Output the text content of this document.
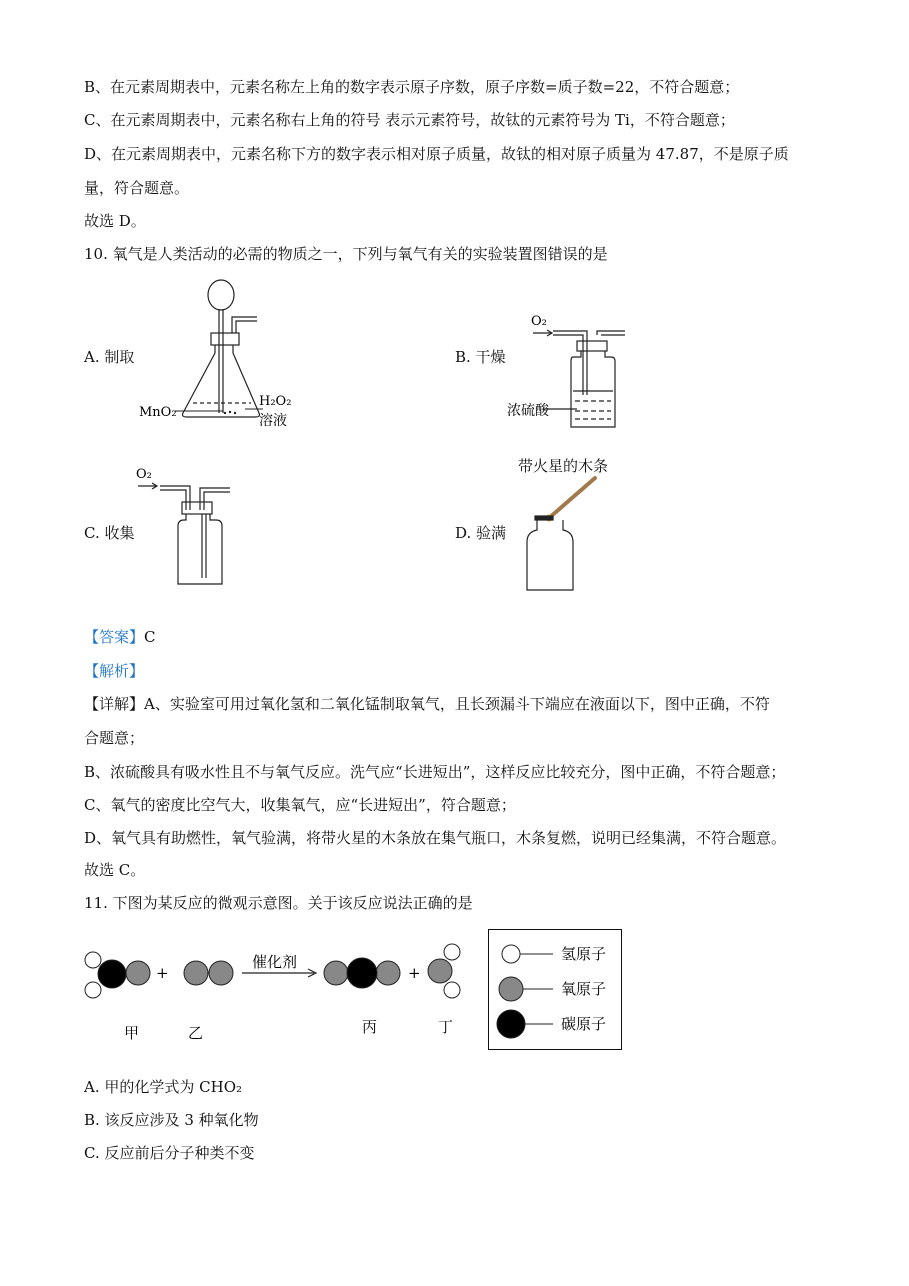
B、在元素周期表中，元素名称左上角的数字表示原子序数，原子序数=质子数=22，不符合题意；
C、在元素周期表中，元素名称右上角的符号 表示元素符号，故钛的元素符号为 Ti，不符合题意；
D、在元素周期表中，元素名称下方的数字表示相对原子质量，故钛的相对原子质量为 47.87，不是原子质
量，符合题意。
故选 D。
10. 氧气是人类活动的必需的物质之一，下列与氧气有关的实验装置图错误的是
A. 制取	B. 干燥
C. 收集	D. 验满
MnO₂
H₂O₂
溶液
O₂
浓硫酸
O₂	带火星的木条
【答案】C
【解析】
【详解】A、实验室可用过氧化氢和二氧化锰制取氧气，且长颈漏斗下端应在液面以下，图中正确，不符
合题意；
B、浓硫酸具有吸水性且不与氧气反应。洗气应“长进短出”，这样反应比较充分，图中正确，不符合题意；
C、氧气的密度比空气大，收集氧气，应“长进短出”，符合题意；
D、氧气具有助燃性，氧气验满，将带火星的木条放在集气瓶口，木条复燃，说明已经集满，不符合题意。
故选 C。
11. 下图为某反应的微观示意图。关于该反应说法正确的是
+
催化剂
+
甲	乙	丙	丁
氢原子
氧原子
碳原子
A. 甲的化学式为 CHO₂
B. 该反应涉及 3 种氧化物
C. 反应前后分子种类不变
